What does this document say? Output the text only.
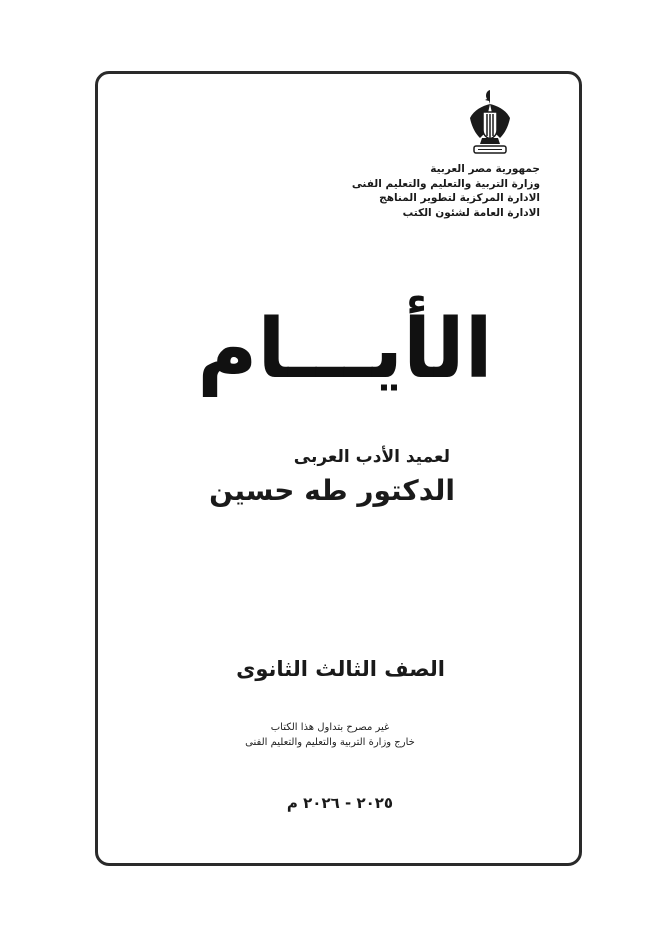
جمهورية مصر العربية
وزارة التربية والتعليم والتعليم الفنى
الادارة المركزية لتطوير المناهج
الادارة العامة لشئون الكتب
الأيـــام
لعميد الأدب العربى
الدكتور طه حسين
الصف الثالث الثانوى
غير مصرح بتداول هذا الكتاب
خارج وزارة التربية والتعليم والتعليم الفنى
٢٠٢٥ - ٢٠٢٦ م
